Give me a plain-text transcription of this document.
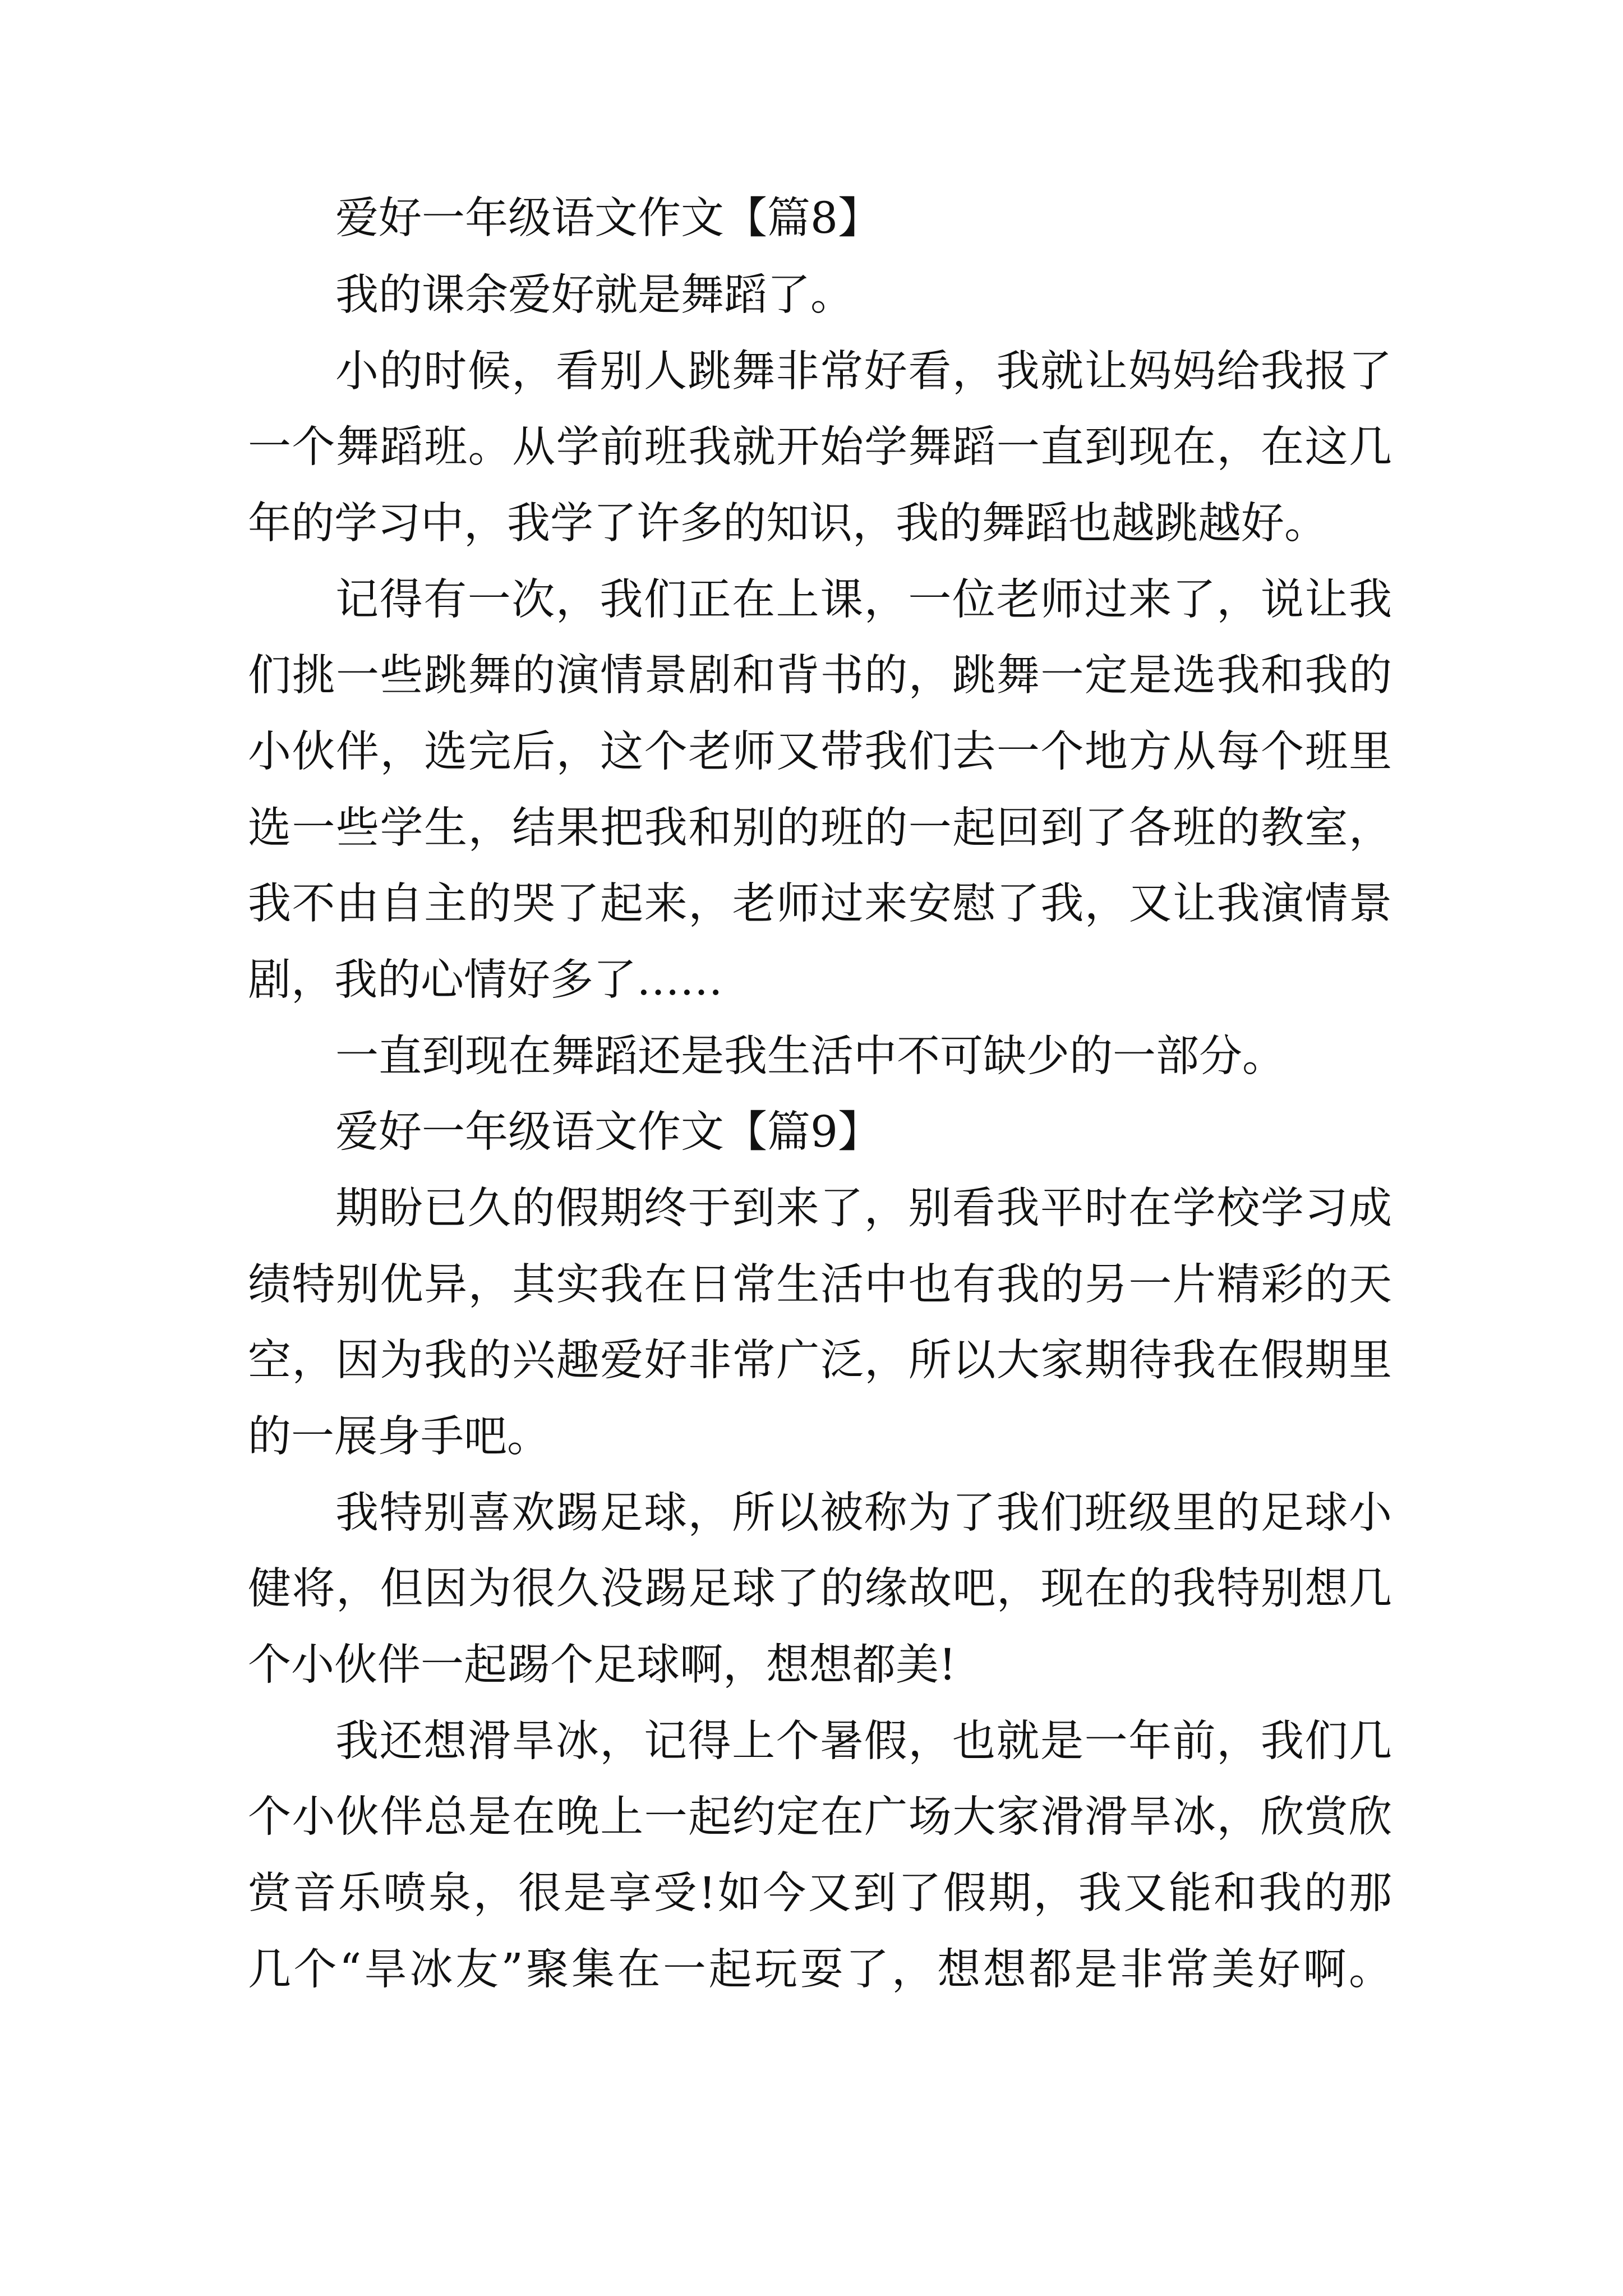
爱好一年级语文作文【篇8】

我的课余爱好就是舞蹈了。

小的时候，看别人跳舞非常好看，我就让妈妈给我报了

一个舞蹈班。从学前班我就开始学舞蹈一直到现在，在这几

年的学习中，我学了许多的知识，我的舞蹈也越跳越好。

记得有一次，我们正在上课，一位老师过来了，说让我

们挑一些跳舞的演情景剧和背书的，跳舞一定是选我和我的

小伙伴，选完后，这个老师又带我们去一个地方从每个班里

选一些学生，结果把我和别的班的一起回到了各班的教室，

我不由自主的哭了起来，老师过来安慰了我，又让我演情景

剧，我的心情好多了……

一直到现在舞蹈还是我生活中不可缺少的一部分。

爱好一年级语文作文【篇9】

期盼已久的假期终于到来了，别看我平时在学校学习成

绩特别优异，其实我在日常生活中也有我的另一片精彩的天

空，因为我的兴趣爱好非常广泛，所以大家期待我在假期里

的一展身手吧。

我特别喜欢踢足球，所以被称为了我们班级里的足球小

健将，但因为很久没踢足球了的缘故吧，现在的我特别想几

个小伙伴一起踢个足球啊，想想都美!

我还想滑旱冰，记得上个暑假，也就是一年前，我们几

个小伙伴总是在晚上一起约定在广场大家滑滑旱冰，欣赏欣

赏音乐喷泉，很是享受!如今又到了假期，我又能和我的那

几个“旱冰友”聚集在一起玩耍了，想想都是非常美好啊。
